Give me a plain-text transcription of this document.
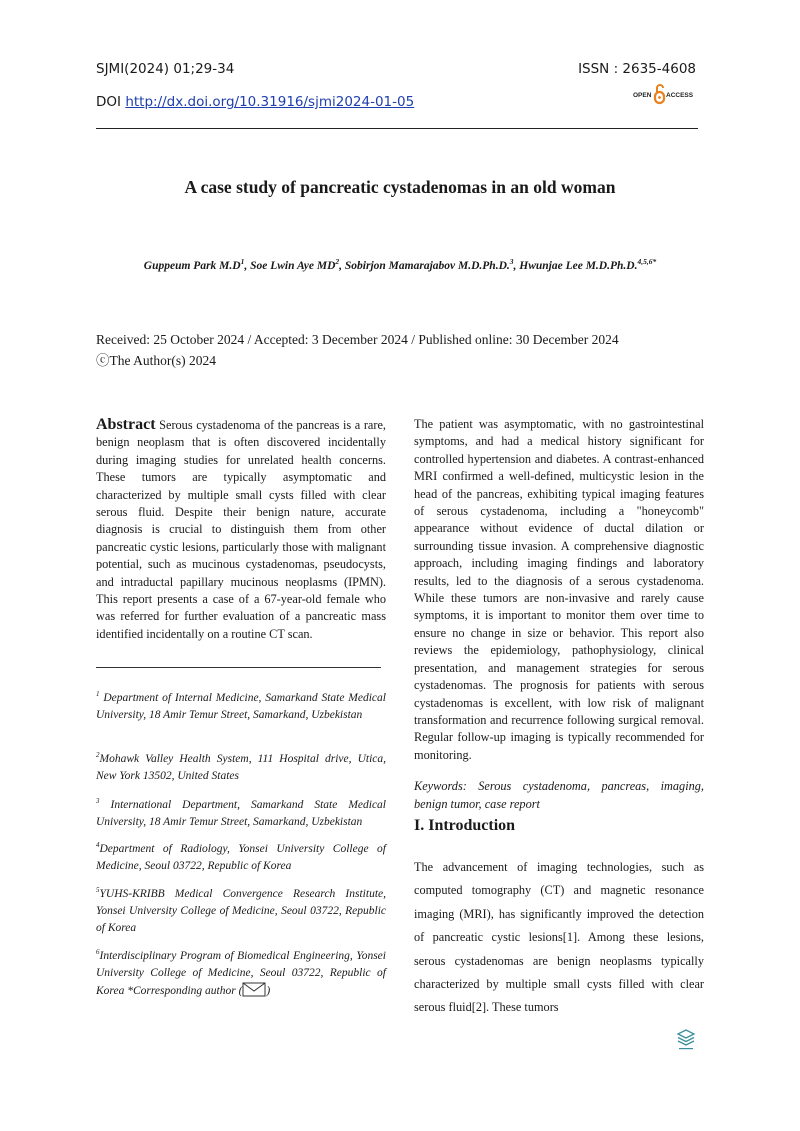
SJMI(2024) 01;29-34	ISSN : 2635-4608
DOI http://dx.doi.org/10.31916/sjmi2024-01-05	OPEN ACCESS
A case study of pancreatic cystadenomas in an old woman
Guppeum Park $M.D^1$, Soe Lwin Aye $MD^2$, Sobirjon Mamarajabov M.D.Ph.D.$^3$, Hwunjae Lee M.D.Ph.D.$^{4,5,6*}$
Received: 25 October 2024 / Accepted: 3 December 2024 / Published online: 30 December 2024
ⓒThe Author(s) 2024
Abstract Serous cystadenoma of the pancreas is a rare, benign neoplasm that is often discovered incidentally during imaging studies for unrelated health concerns. These tumors are typically asymptomatic and characterized by multiple small cysts filled with clear serous fluid. Despite their benign nature, accurate diagnosis is crucial to distinguish them from other pancreatic cystic lesions, particularly those with malignant potential, such as mucinous cystadenomas, pseudocysts, and intraductal papillary mucinous neoplasms (IPMN). This report presents a case of a 67-year-old female who was referred for further evaluation of a pancreatic mass identified incidentally on a routine CT scan.
$^1$ Department of Internal Medicine, Samarkand State Medical University, 18 Amir Temur Street, Samarkand, Uzbekistan
$^2$Mohawk Valley Health System, 111 Hospital drive, Utica, New York 13502, United States
$^3$ International Department, Samarkand State Medical University, 18 Amir Temur Street, Samarkand, Uzbekistan
$^4$Department of Radiology, Yonsei University College of Medicine, Seoul 03722, Republic of Korea
$^5$YUHS-KRIBB Medical Convergence Research Institute, Yonsei University College of Medicine, Seoul 03722, Republic of Korea
$^6$Interdisciplinary Program of Biomedical Engineering, Yonsei University College of Medicine, Seoul 03722, Republic of Korea *Corresponding author ( )
The patient was asymptomatic, with no gastrointestinal symptoms, and had a medical history significant for controlled hypertension and diabetes. A contrast-enhanced MRI confirmed a well-defined, multicystic lesion in the head of the pancreas, exhibiting typical imaging features of serous cystadenoma, including a "honeycomb" appearance without evidence of ductal dilation or surrounding tissue invasion. A comprehensive diagnostic approach, including imaging findings and laboratory results, led to the diagnosis of a serous cystadenoma. While these tumors are non-invasive and rarely cause symptoms, it is important to monitor them over time to ensure no change in size or behavior. This report also reviews the epidemiology, pathophysiology, clinical presentation, and management strategies for serous cystadenomas. The prognosis for patients with serous cystadenomas is excellent, with low risk of malignant transformation and recurrence following surgical removal. Regular follow-up imaging is typically recommended for monitoring.
Keywords: Serous cystadenoma, pancreas, imaging, benign tumor, case report
I. Introduction
The advancement of imaging technologies, such as computed tomography (CT) and magnetic resonance imaging (MRI), has significantly improved the detection of pancreatic cystic lesions[1]. Among these lesions, serous cystadenomas are benign neoplasms typically characterized by multiple small cysts filled with clear serous fluid[2]. These tumors
